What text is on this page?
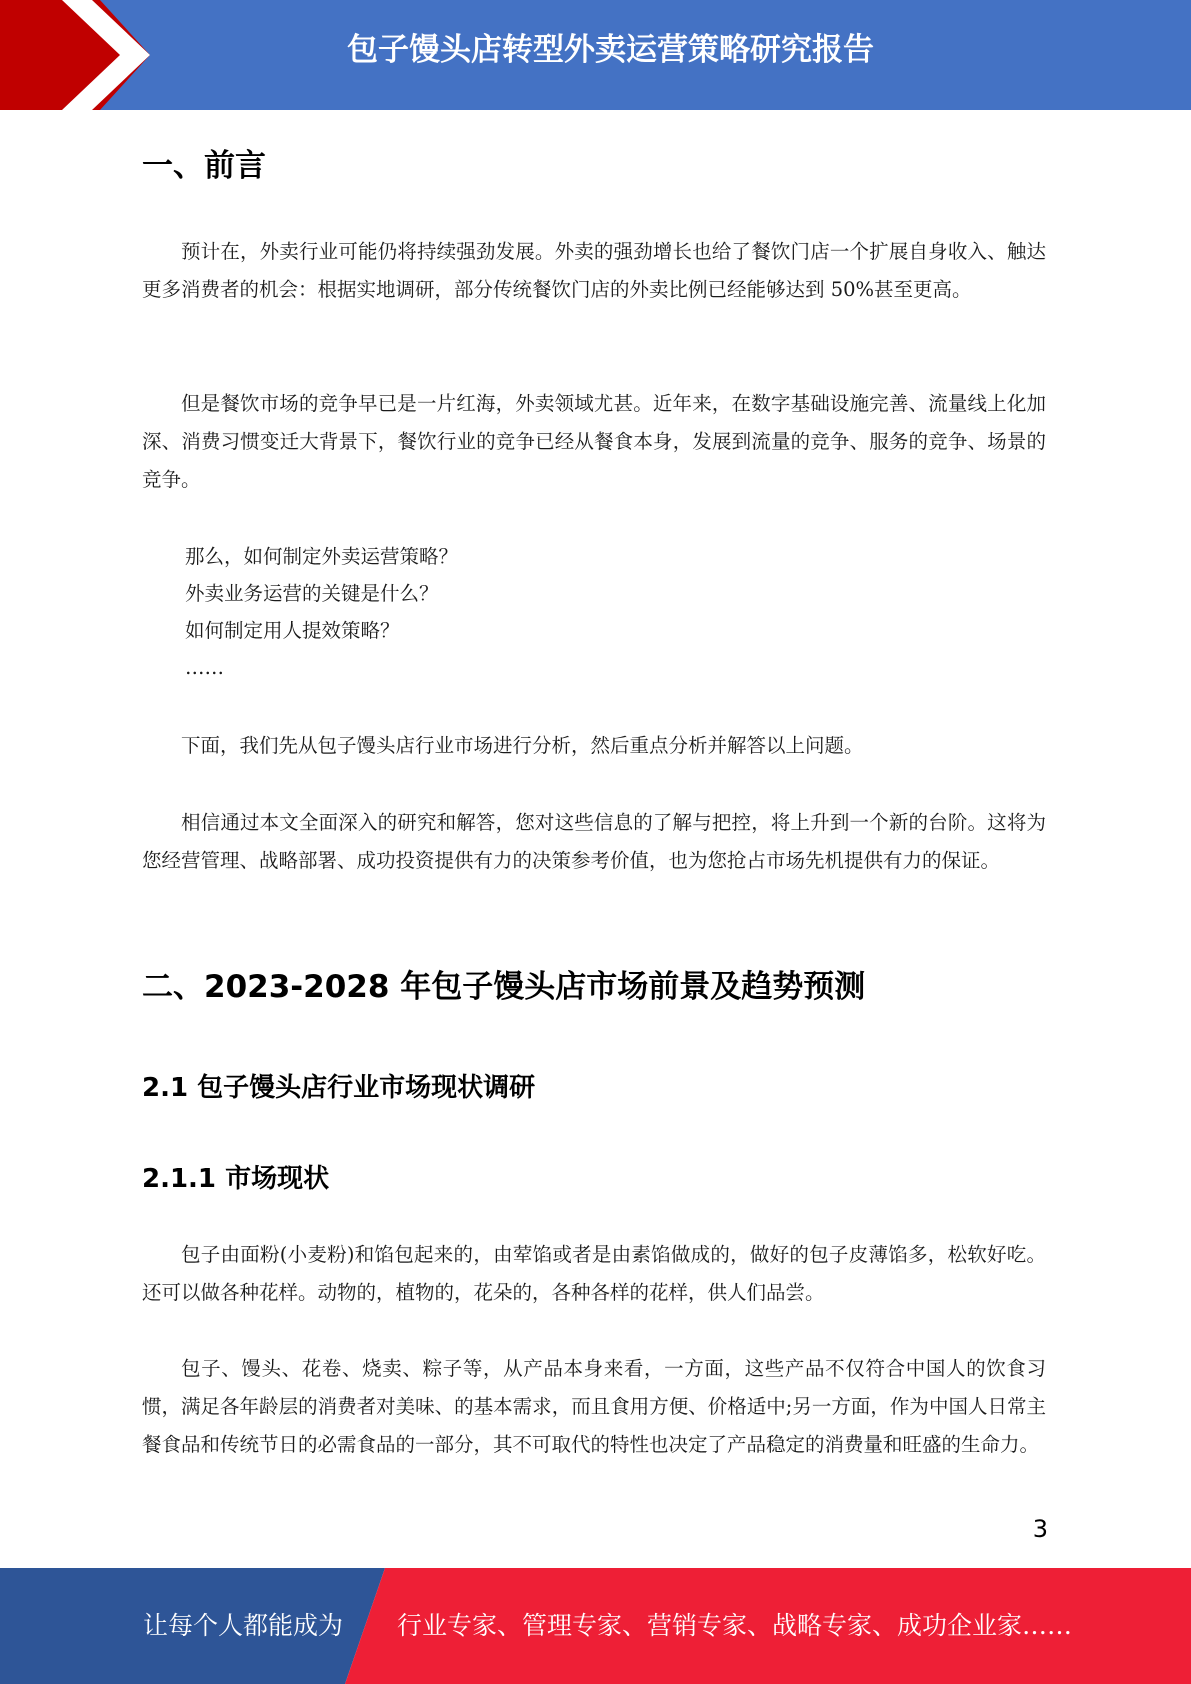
包子馒头店转型外卖运营策略研究报告
一、前言

预计在，外卖行业可能仍将持续强劲发展。外卖的强劲增长也给了餐饮门店一个扩展自身收入、触达更多消费者的机会：根据实地调研，部分传统餐饮门店的外卖比例已经能够达到 50%甚至更高。

但是餐饮市场的竞争早已是一片红海，外卖领域尤甚。近年来，在数字基础设施完善、流量线上化加深、消费习惯变迁大背景下，餐饮行业的竞争已经从餐食本身，发展到流量的竞争、服务的竞争、场景的竞争。

那么，如何制定外卖运营策略？
外卖业务运营的关键是什么？
如何制定用人提效策略？
……

下面，我们先从包子馒头店行业市场进行分析，然后重点分析并解答以上问题。

相信通过本文全面深入的研究和解答，您对这些信息的了解与把控，将上升到一个新的台阶。这将为您经营管理、战略部署、成功投资提供有力的决策参考价值，也为您抢占市场先机提供有力的保证。

二、2023-2028 年包子馒头店市场前景及趋势预测
2.1 包子馒头店行业市场现状调研
2.1.1 市场现状

包子由面粉(小麦粉)和馅包起来的，由荤馅或者是由素馅做成的，做好的包子皮薄馅多，松软好吃。还可以做各种花样。动物的，植物的，花朵的，各种各样的花样，供人们品尝。

包子、馒头、花卷、烧卖、粽子等，从产品本身来看，一方面，这些产品不仅符合中国人的饮食习惯，满足各年龄层的消费者对美味、的基本需求，而且食用方便、价格适中;另一方面，作为中国人日常主餐食品和传统节日的必需食品的一部分，其不可取代的特性也决定了产品稳定的消费量和旺盛的生命力。

3
让每个人都能成为 行业专家、管理专家、营销专家、战略专家、成功企业家……
